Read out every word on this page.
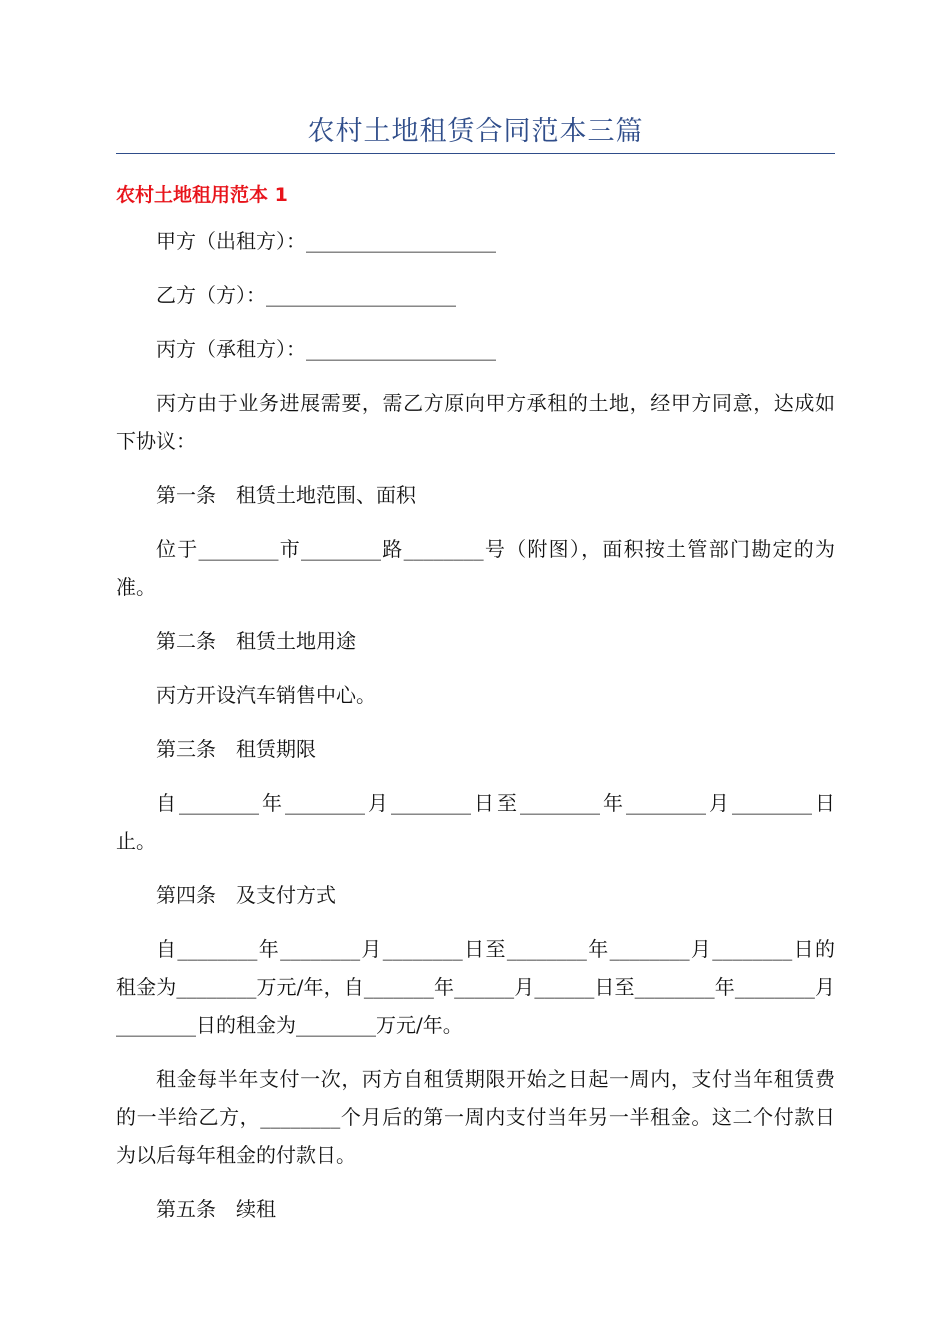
农村土地租赁合同范本三篇
农村土地租用范本 1

甲方（出租方）：___________________

乙方（方）：___________________

丙方（承租方）：___________________

丙方由于业务进展需要，需乙方原向甲方承租的土地，经甲方同意，达成如下协议：

第一条　租赁土地范围、面积

位于________市________路________号（附图），面积按土管部门勘定的为准。

第二条　租赁土地用途

丙方开设汽车销售中心。

第三条　租赁期限

自________年________月________日至________年________月________日止。

第四条　及支付方式

自________年________月________日至________年________月________日的租金为________万元/年，自_______年______月______日至________年________月________日的租金为________万元/年。

租金每半年支付一次，丙方自租赁期限开始之日起一周内，支付当年租赁费的一半给乙方，________个月后的第一周内支付当年另一半租金。这二个付款日为以后每年租金的付款日。

第五条　续租
